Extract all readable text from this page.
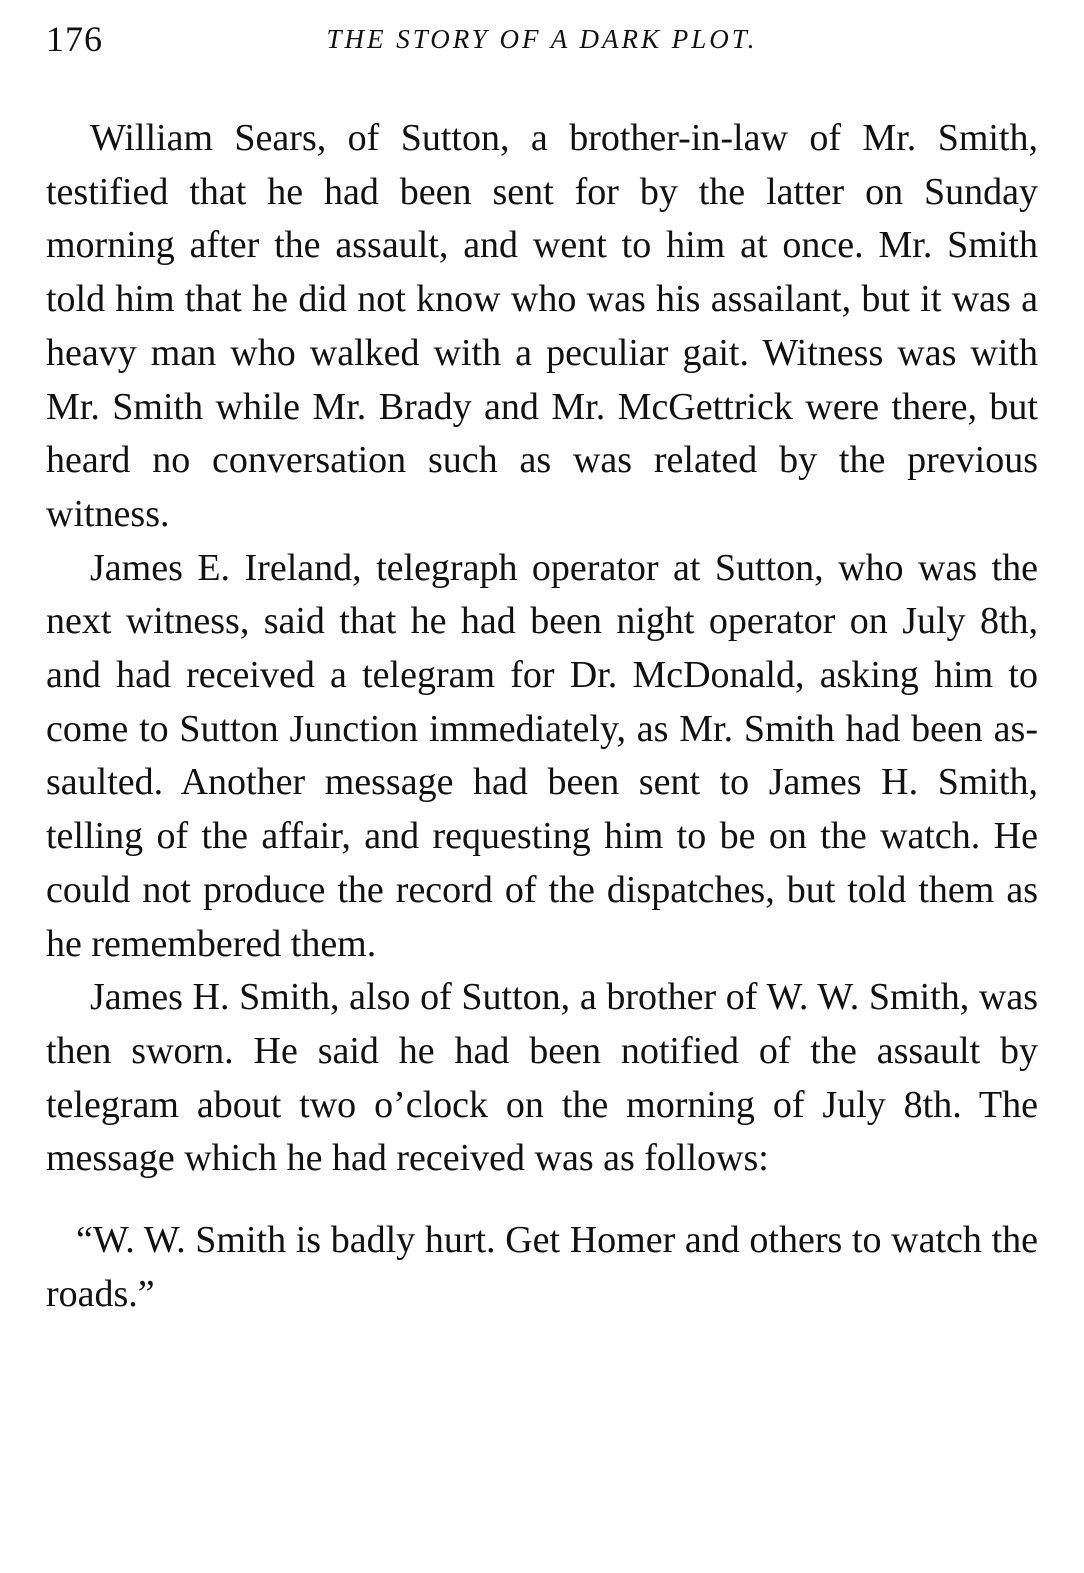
176	THE STORY OF A DARK PLOT.

William Sears, of Sutton, a brother-in-law of Mr. Smith, testified that he had been sent for by the latter on Sunday morning after the assault, and went to him at once. Mr. Smith told him that he did not know who was his assailant, but it was a heavy man who walked with a peculiar gait. Witness was with Mr. Smith while Mr. Brady and Mr. McGettrick were there, but heard no conversation such as was related by the previous witness.

James E. Ireland, telegraph operator at Sutton, who was the next witness, said that he had been night operator on July 8th, and had received a telegram for Dr. McDonald, asking him to come to Sutton Junction immediately, as Mr. Smith had been assaulted. Another message had been sent to James H. Smith, telling of the affair, and requesting him to be on the watch. He could not produce the record of the dispatches, but told them as he remembered them.

James H. Smith, also of Sutton, a brother of W. W. Smith, was then sworn. He said he had been notified of the assault by telegram about two o’clock on the morning of July 8th. The message which he had received was as follows:

“W. W. Smith is badly hurt. Get Homer and others to watch the roads.”
